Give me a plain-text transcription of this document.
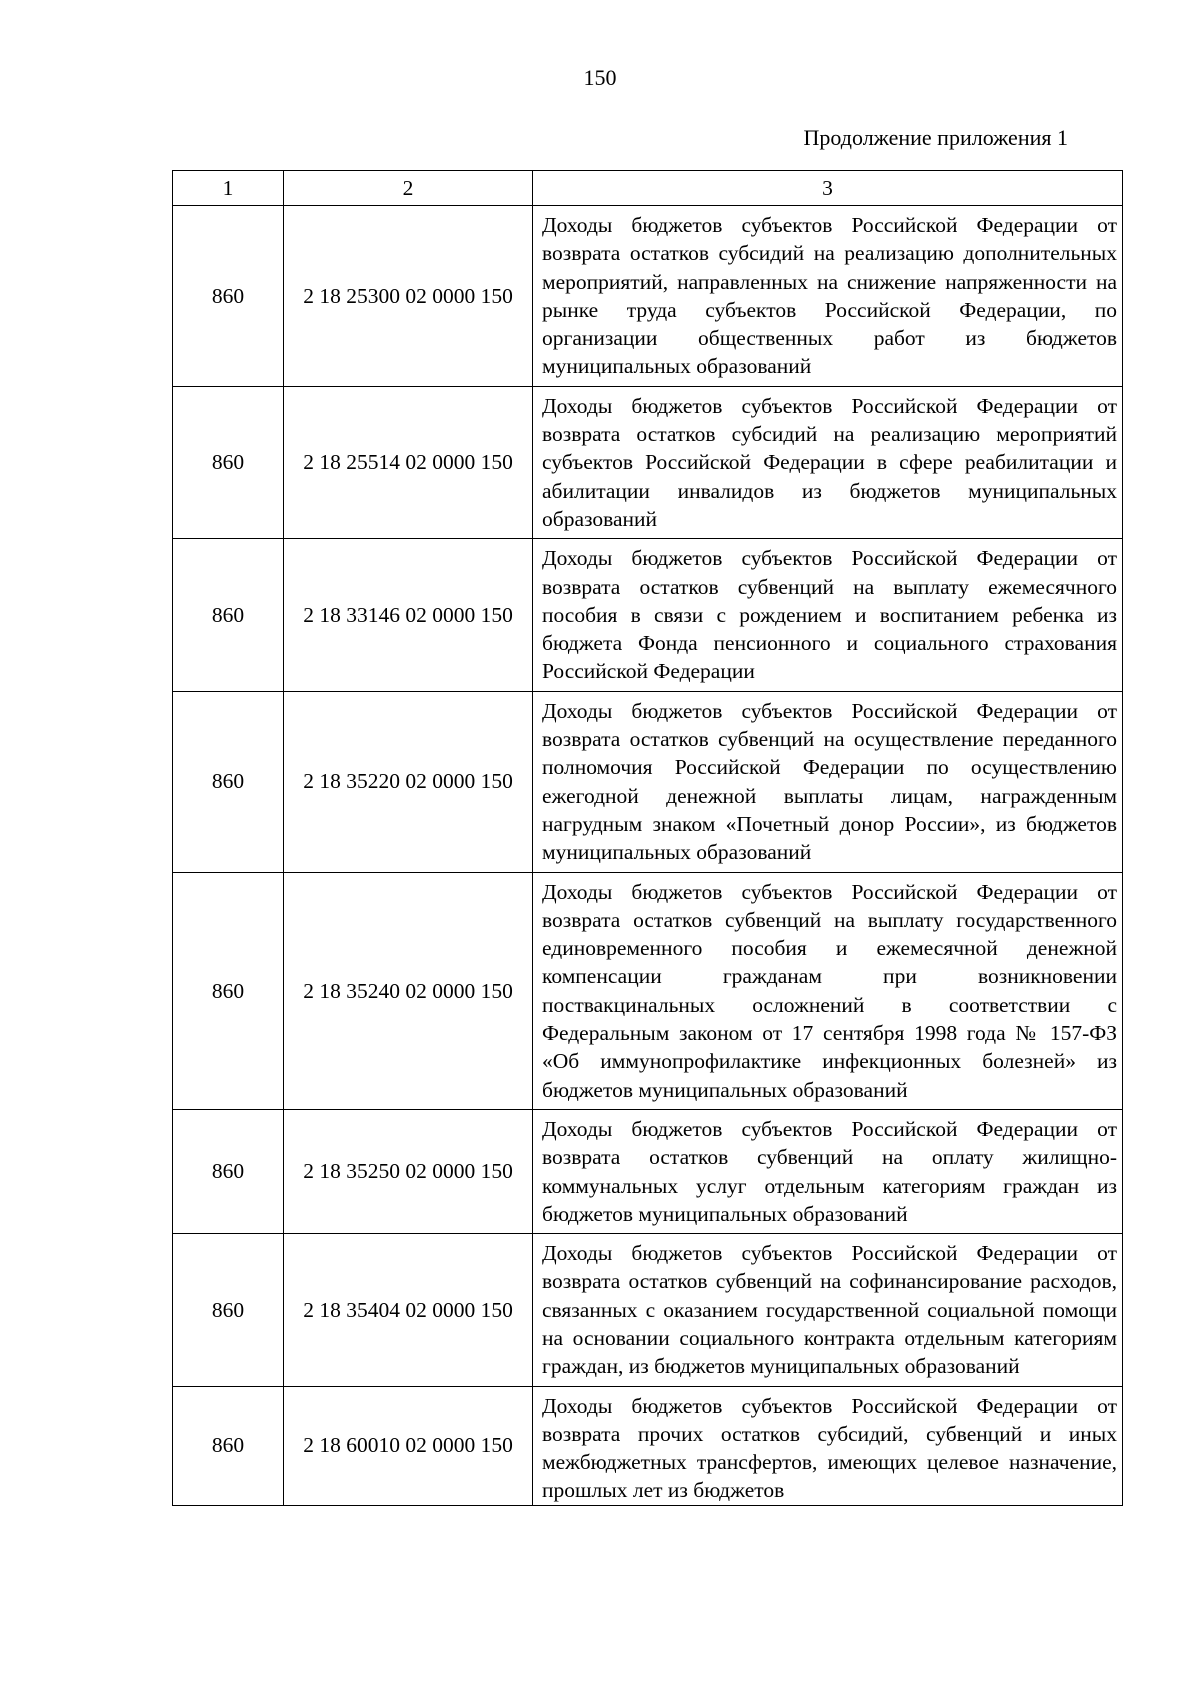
150
Продолжение приложения 1
1	2	3
860	2 18 25300 02 0000 150	Доходы бюджетов субъектов Российской Федерации от возврата остатков субсидий на реализацию дополнительных мероприятий, направленных на снижение напряженности на рынке труда субъектов Российской Федерации, по организации общественных работ из бюджетов муниципальных образований
860	2 18 25514 02 0000 150	Доходы бюджетов субъектов Российской Федерации от возврата остатков субсидий на реализацию мероприятий субъектов Российской Федерации в сфере реабилитации и абилитации инвалидов из бюджетов муниципальных образований
860	2 18 33146 02 0000 150	Доходы бюджетов субъектов Российской Федерации от возврата остатков субвенций на выплату ежемесячного пособия в связи с рождением и воспитанием ребенка из бюджета Фонда пенсионного и социального страхования Российской Федерации
860	2 18 35220 02 0000 150	Доходы бюджетов субъектов Российской Федерации от возврата остатков субвенций на осуществление переданного полномочия Российской Федерации по осуществлению ежегодной денежной выплаты лицам, награжденным нагрудным знаком «Почетный донор России», из бюджетов муниципальных образований
860	2 18 35240 02 0000 150	Доходы бюджетов субъектов Российской Федерации от возврата остатков субвенций на выплату государственного единовременного пособия и ежемесячной денежной компенсации гражданам при возникновении поствакцинальных осложнений в соответствии с Федеральным законом от 17 сентября 1998 года № 157-ФЗ «Об иммунопрофилактике инфекционных болезней» из бюджетов муниципальных образований
860	2 18 35250 02 0000 150	Доходы бюджетов субъектов Российской Федерации от возврата остатков субвенций на оплату жилищно-коммунальных услуг отдельным категориям граждан из бюджетов муниципальных образований
860	2 18 35404 02 0000 150	Доходы бюджетов субъектов Российской Федерации от возврата остатков субвенций на софинансирование расходов, связанных с оказанием государственной социальной помощи на основании социального контракта отдельным категориям граждан, из бюджетов муниципальных образований
860	2 18 60010 02 0000 150	Доходы бюджетов субъектов Российской Федерации от возврата прочих остатков субсидий, субвенций и иных межбюджетных трансфертов, имеющих целевое назначение, прошлых лет из бюджетов
